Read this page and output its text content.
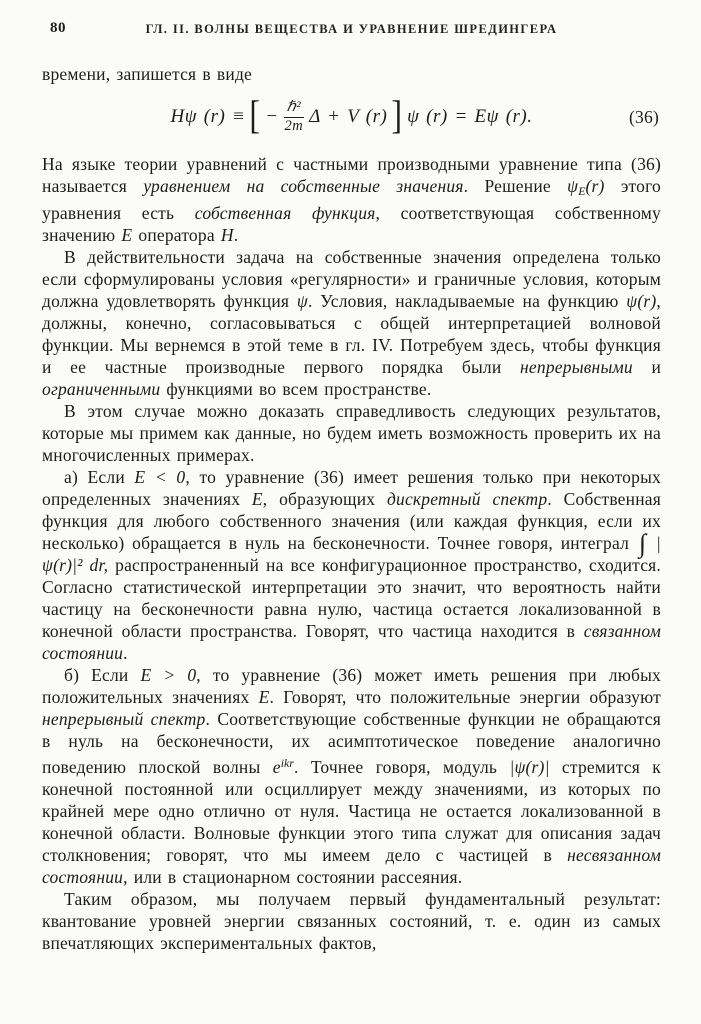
80	ГЛ. II. ВОЛНЫ ВЕЩЕСТВА И УРАВНЕНИЕ ШРЕДИНГЕРА

времени, запишется в виде

Hψ (r) ≡ [ − $\frac{\text{ℏ²}}{2m}$ Δ + V (r) ] ψ (r) = Eψ (r).	(36)

На языке теории уравнений с частными производными уравнение типа (36) называется уравнением на собственные значения. Решение ψE(r) этого уравнения есть собственная функция, соответствующая собственному значению E оператора H.

В действительности задача на собственные значения определена только если сформулированы условия «регулярности» и граничные условия, которым должна удовлетворять функция ψ. Условия, накладываемые на функцию ψ(r), должны, конечно, согласовываться с общей интерпретацией волновой функции. Мы вернемся в этой теме в гл. IV. Потребуем здесь, чтобы функция и ее частные производные первого порядка были непрерывными и ограниченными функциями во всем пространстве.

В этом случае можно доказать справедливость следующих результатов, которые мы примем как данные, но будем иметь возможность проверить их на многочисленных примерах.

а) Если E < 0, то уравнение (36) имеет решения только при некоторых определенных значениях E, образующих дискретный спектр. Собственная функция для любого собственного значения (или каждая функция, если их несколько) обращается в нуль на бесконечности. Точнее говоря, интеграл ∫ |ψ(r)|² dr, распространенный на все конфигурационное пространство, сходится. Согласно статистической интерпретации это значит, что вероятность найти частицу на бесконечности равна нулю, частица остается локализованной в конечной области пространства. Говорят, что частица находится в связанном состоянии.

б) Если E > 0, то уравнение (36) может иметь решения при любых положительных значениях E. Говорят, что положительные энергии образуют непрерывный спектр. Соответствующие собственные функции не обращаются в нуль на бесконечности, их асимптотическое поведение аналогично поведению плоской волны $e^{ikr}$. Точнее говоря, модуль |ψ(r)| стремится к конечной постоянной или осциллирует между значениями, из которых по крайней мере одно отлично от нуля. Частица не остается локализованной в конечной области. Волновые функции этого типа служат для описания задач столкновения; говорят, что мы имеем дело с частицей в несвязанном состоянии, или в стационарном состоянии рассеяния.

Таким образом, мы получаем первый фундаментальный результат: квантование уровней энергии связанных состояний, т. е. один из самых впечатляющих экспериментальных фактов,
